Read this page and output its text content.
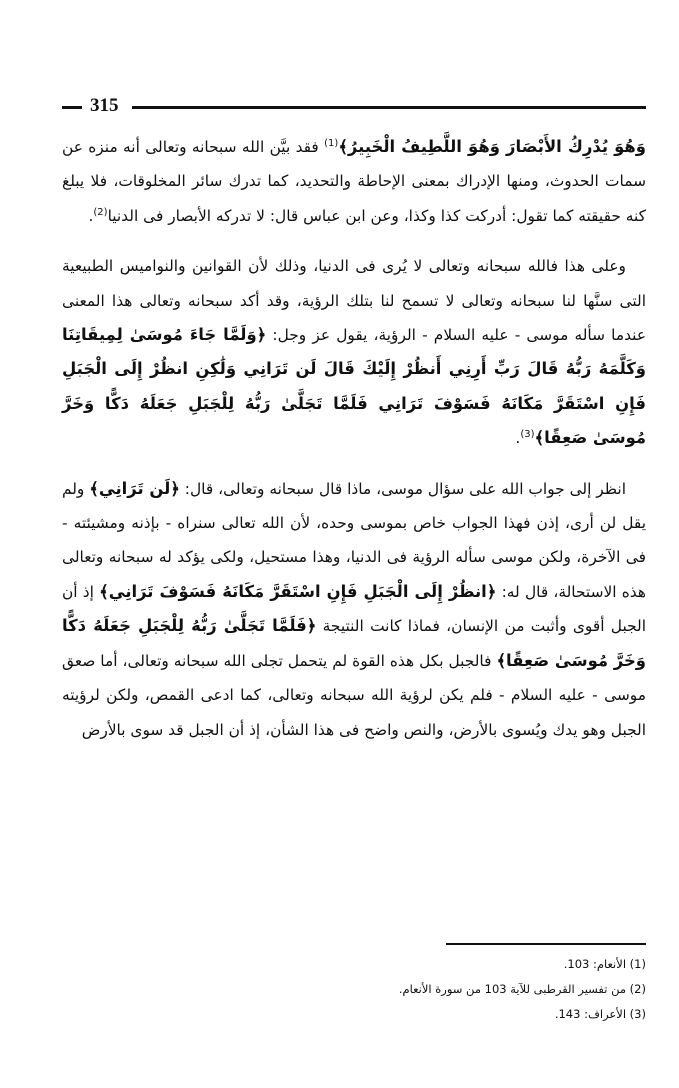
315

وَهُوَ يُدْرِكُ الأَبْصَارَ وَهُوَ اللَّطِيفُ الْخَبِيرُ﴾$^{(1)}$ فقد بيَّن الله سبحانه وتعالى أنه منزه عن سمات الحدوث، ومنها الإدراك بمعنى الإحاطة والتحديد، كما تدرك سائر المخلوقات، فلا يبلغ كنه حقيقته كما تقول: أدركت كذا وكذا، وعن ابن عباس قال: لا تدركه الأبصار فى الدنيا$^{(2)}$.

وعلى هذا فالله سبحانه وتعالى لا يُرى فى الدنيا، وذلك لأن القوانين والنواميس الطبيعية التى سنَّها لنا سبحانه وتعالى لا تسمح لنا بتلك الرؤية، وقد أكد سبحانه وتعالى هذا المعنى عندما سأله موسى - عليه السلام - الرؤية، يقول عز وجل: ﴿وَلَمَّا جَاءَ مُوسَىٰ لِمِيقَاتِنَا وَكَلَّمَهُ رَبُّهُ قَالَ رَبِّ أَرِنِي أَنظُرْ إِلَيْكَ قَالَ لَن تَرَانِي وَلَٰكِنِ انظُرْ إِلَى الْجَبَلِ فَإِنِ اسْتَقَرَّ مَكَانَهُ فَسَوْفَ تَرَانِي فَلَمَّا تَجَلَّىٰ رَبُّهُ لِلْجَبَلِ جَعَلَهُ دَكًّا وَخَرَّ مُوسَىٰ صَعِقًا﴾$^{(3)}$.

انظر إلى جواب الله على سؤال موسى، ماذا قال سبحانه وتعالى، قال: ﴿لَن تَرَانِي﴾ ولم يقل لن أرى، إذن فهذا الجواب خاص بموسى وحده، لأن الله تعالى سنراه - بإذنه ومشيئته - فى الآخرة، ولكن موسى سأله الرؤية فى الدنيا، وهذا مستحيل، ولكى يؤكد له سبحانه وتعالى هذه الاستحالة، قال له: ﴿انظُرْ إِلَى الْجَبَلِ فَإِنِ اسْتَقَرَّ مَكَانَهُ فَسَوْفَ تَرَانِي﴾ إذ أن الجبل أقوى وأثبت من الإنسان، فماذا كانت النتيجة ﴿فَلَمَّا تَجَلَّىٰ رَبُّهُ لِلْجَبَلِ جَعَلَهُ دَكًّا وَخَرَّ مُوسَىٰ صَعِقًا﴾ فالجبل بكل هذه القوة لم يتحمل تجلى الله سبحانه وتعالى، أما صعق موسى - عليه السلام - فلم يكن لرؤية الله سبحانه وتعالى، كما ادعى القمص، ولكن لرؤيته الجبل وهو يدك ويُسوى بالأرض، والنص واضح فى هذا الشأن، إذ أن الجبل قد سوى بالأرض

(1) الأنعام: 103.

(2) من تفسير القرطبى للآية 103 من سورة الأنعام.

(3) الأعراف: 143.
